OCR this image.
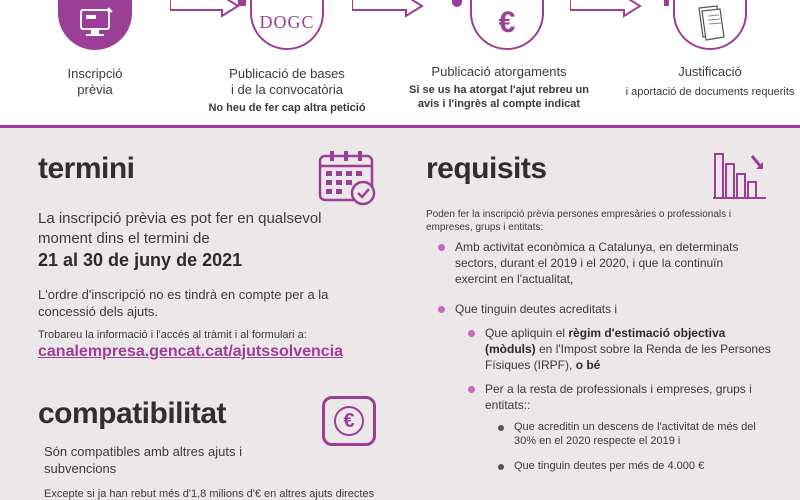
Inscripció
prèvia
DOGC
Publicació de bases
i de la convocatòria
No heu de fer cap altra petició
€
Publicació atorgaments
Si se us ha atorgat l'ajut rebreu un
avis i l'ingrès al compte indicat
Justificació
i aportació de documents requerits
termini
La inscripció prèvia es pot fer en qualsevol moment dins el termini de
21 al 30 de juny de 2021
L'ordre d'inscripció no es tindrà en compte per a la concessió dels ajuts.
Trobareu la informació i l'accés al tràmit i al formulari a:
canalempresa.gencat.cat/ajutssolvencia
compatibilitat	€
Són compatibles amb altres ajuts i subvencions
Excepte si ja han rebut més d'1,8 milions d'€ en altres ajuts directes
requisits
Poden fer la inscripció prèvia persones empresàries o professionals i empreses, grups i entitats:
Amb activitat econòmica a Catalunya, en determinats sectors, durant el 2019 i el 2020, i que la continuïn exercint en l'actualitat,
Que tinguin deutes acreditats i
Que apliquin el règim d'estimació objectiva (mòduls) en l'Impost sobre la Renda de les Persones Físiques (IRPF), o bé
Per a la resta de professionals i empreses, grups i entitats::
Que acreditin un descens de l'activitat de més del 30% en el 2020 respecte el 2019 i
Que tinguin deutes per més de 4.000 €
